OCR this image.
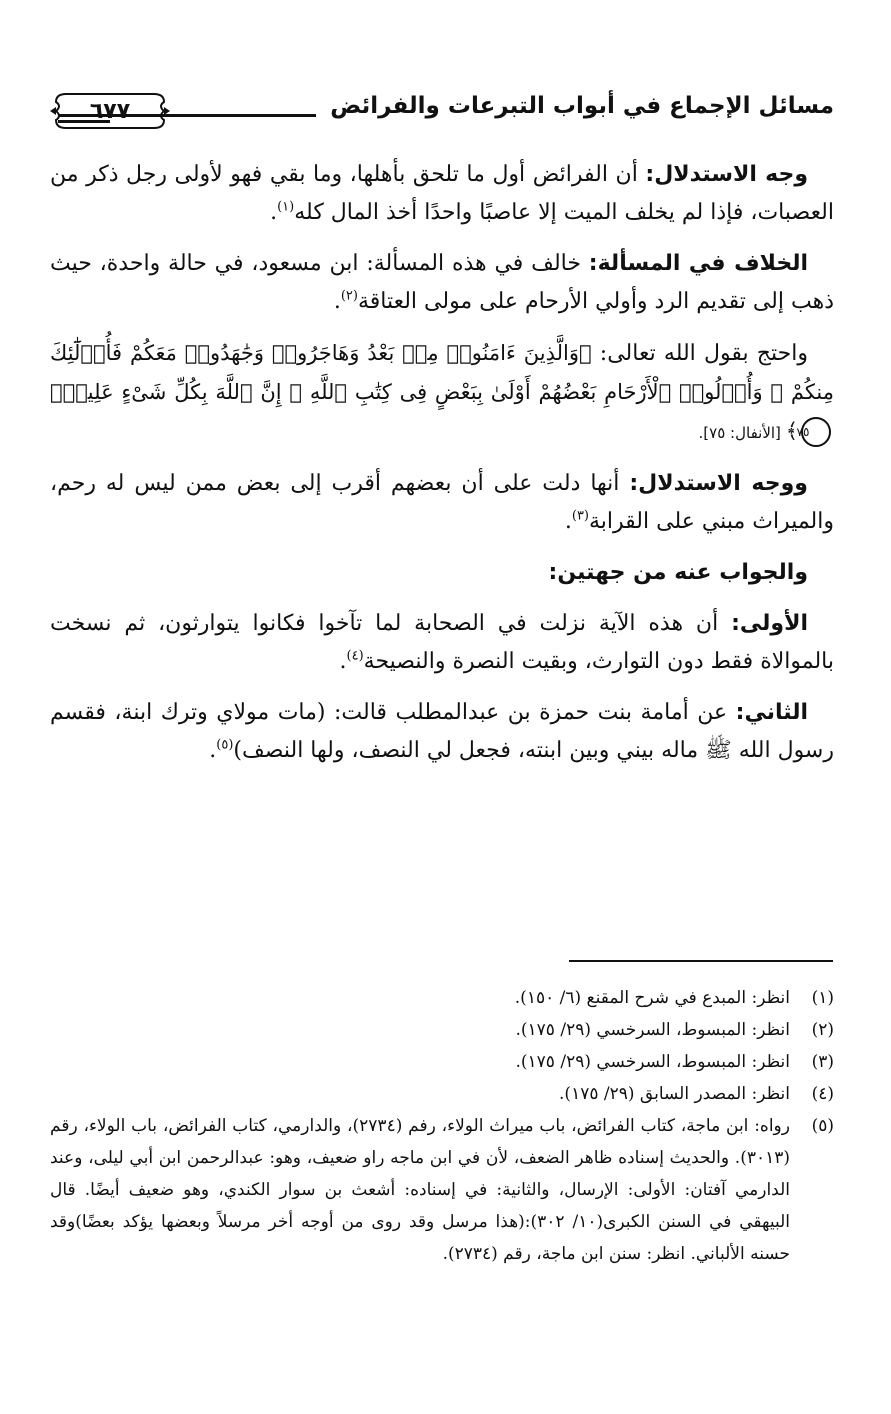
مسائل الإجماع في أبواب التبرعات والفرائض
٦٧٧

وجه الاستدلال: أن الفرائض أول ما تلحق بأهلها، وما بقي فهو لأولى رجل ذكر من العصبات، فإذا لم يخلف الميت إلا عاصبًا واحدًا أخذ المال كله$^{(١)}$.

الخلاف في المسألة: خالف في هذه المسألة: ابن مسعود، في حالة واحدة، حيث ذهب إلى تقديم الرد وأولي الأرحام على مولى العتاقة$^{(٢)}$.

واحتج بقول الله تعالى: ﴿وَالَّذِينَ ءَامَنُوا۟ مِنۢ بَعْدُ وَهَاجَرُوا۟ وَجَٰهَدُوا۟ مَعَكُمْ فَأُو۟لَٰٓئِكَ مِنكُمْ ۚ وَأُو۟لُوا۟ ٱلْأَرْحَامِ بَعْضُهُمْ أَوْلَىٰ بِبَعْضٍ فِى كِتَٰبِ ٱللَّهِ ۗ إِنَّ ٱللَّهَ بِكُلِّ شَىْءٍ عَلِيمٌۢ٧٥﴾ [الأنفال: ٧٥].

ووجه الاستدلال: أنها دلت على أن بعضهم أقرب إلى بعض ممن ليس له رحم، والميراث مبني على القرابة$^{(٣)}$.

والجواب عنه من جهتين:

الأولى: أن هذه الآية نزلت في الصحابة لما تآخوا فكانوا يتوارثون، ثم نسخت بالموالاة فقط دون التوارث، وبقيت النصرة والنصيحة$^{(٤)}$.

الثاني: عن أمامة بنت حمزة بن عبدالمطلب قالت: (مات مولاي وترك ابنة، فقسم رسول الله ﷺ ماله بيني وبين ابنته، فجعل لي النصف، ولها النصف)$^{(٥)}$.

(١)
انظر: المبدع في شرح المقنع (٦/ ١٥٠).
(٢)
انظر: المبسوط، السرخسي (٢٩/ ١٧٥).
(٣)
انظر: المبسوط، السرخسي (٢٩/ ١٧٥).
(٤)
انظر: المصدر السابق (٢٩/ ١٧٥).
(٥)
رواه: ابن ماجة، كتاب الفرائض، باب ميراث الولاء، رفم (٢٧٣٤)، والدارمي، كتاب الفرائض، باب الولاء، رقم (٣٠١٣). والحديث إسناده ظاهر الضعف، لأن في ابن ماجه راو ضعيف، وهو: عبدالرحمن ابن أبي ليلى، وعند الدارمي آفتان: الأولى: الإرسال، والثانية: في إسناده: أشعث بن سوار الكندي، وهو ضعيف أيضًا. قال البيهقي في السنن الكبرى(١٠/ ٣٠٢):(هذا مرسل وقد روى من أوجه أخر مرسلاً وبعضها يؤكد بعضًا)وقد حسنه الألباني. انظر: سنن ابن ماجة، رقم (٢٧٣٤).
